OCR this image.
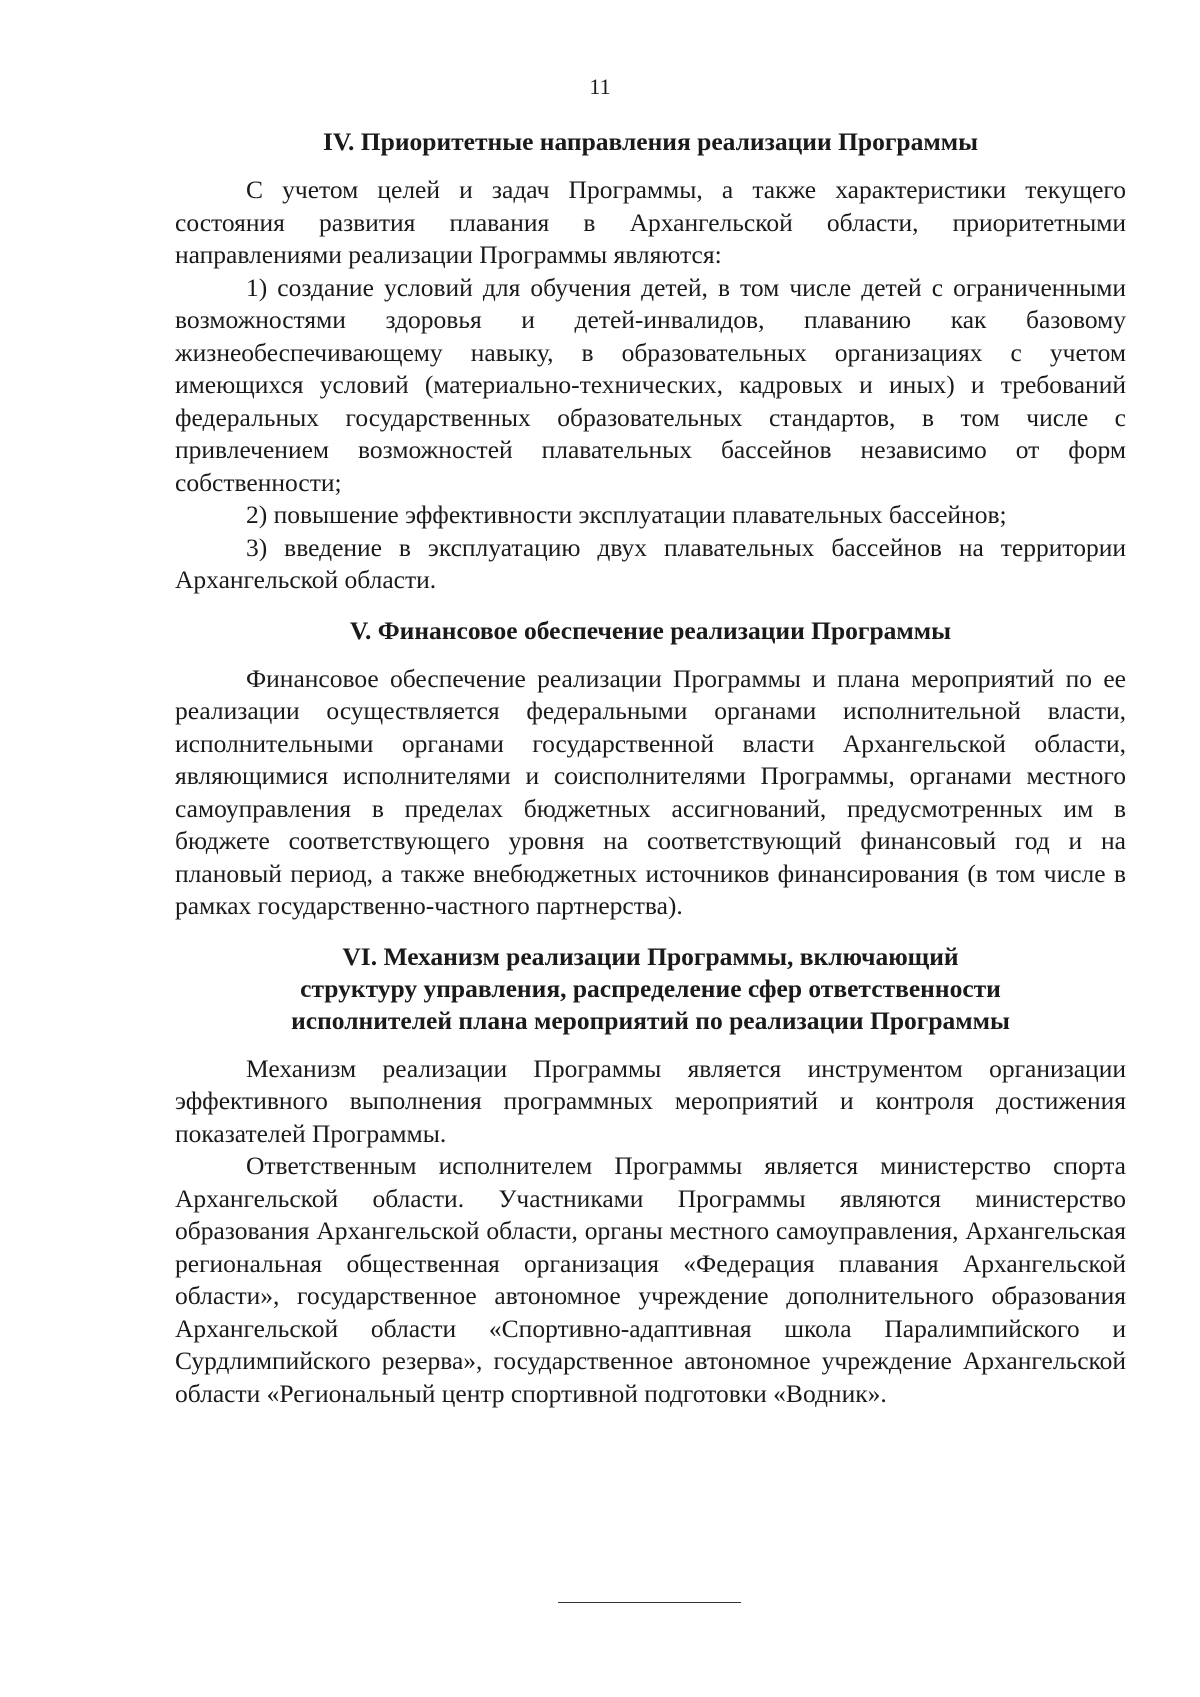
11
IV. Приоритетные направления реализации Программы

С учетом целей и задач Программы, а также характеристики текущего состояния развития плавания в Архангельской области, приоритетными направлениями реализации Программы являются:

1) создание условий для обучения детей, в том числе детей с ограниченными возможностями здоровья и детей-инвалидов, плаванию как базовому жизнеобеспечивающему навыку, в образовательных организациях с учетом имеющихся условий (материально-технических, кадровых и иных) и требований федеральных государственных образовательных стандартов, в том числе с привлечением возможностей плавательных бассейнов независимо от форм собственности;

2) повышение эффективности эксплуатации плавательных бассейнов;

3) введение в эксплуатацию двух плавательных бассейнов на территории Архангельской области.

V. Финансовое обеспечение реализации Программы

Финансовое обеспечение реализации Программы и плана мероприятий по ее реализации осуществляется федеральными органами исполнительной власти, исполнительными органами государственной власти Архангельской области, являющимися исполнителями и соисполнителями Программы, органами местного самоуправления в пределах бюджетных ассигнований, предусмотренных им в бюджете соответствующего уровня на соответствующий финансовый год и на плановый период, а также внебюджетных источников финансирования (в том числе в рамках государственно-частного партнерства).

VI. Механизм реализации Программы, включающий
структуру управления, распределение сфер ответственности
исполнителей плана мероприятий по реализации Программы

Механизм реализации Программы является инструментом организации эффективного выполнения программных мероприятий и контроля достижения показателей Программы.

Ответственным исполнителем Программы является министерство спорта Архангельской области. Участниками Программы являются министерство образования Архангельской области, органы местного самоуправления, Архангельская региональная общественная организация «Федерация плавания Архангельской области», государственное автономное учреждение дополнительного образования Архангельской области «Спортивно-адаптивная школа Паралимпийского и Сурдлимпийского резерва», государственное автономное учреждение Архангельской области «Региональный центр спортивной подготовки «Водник».
